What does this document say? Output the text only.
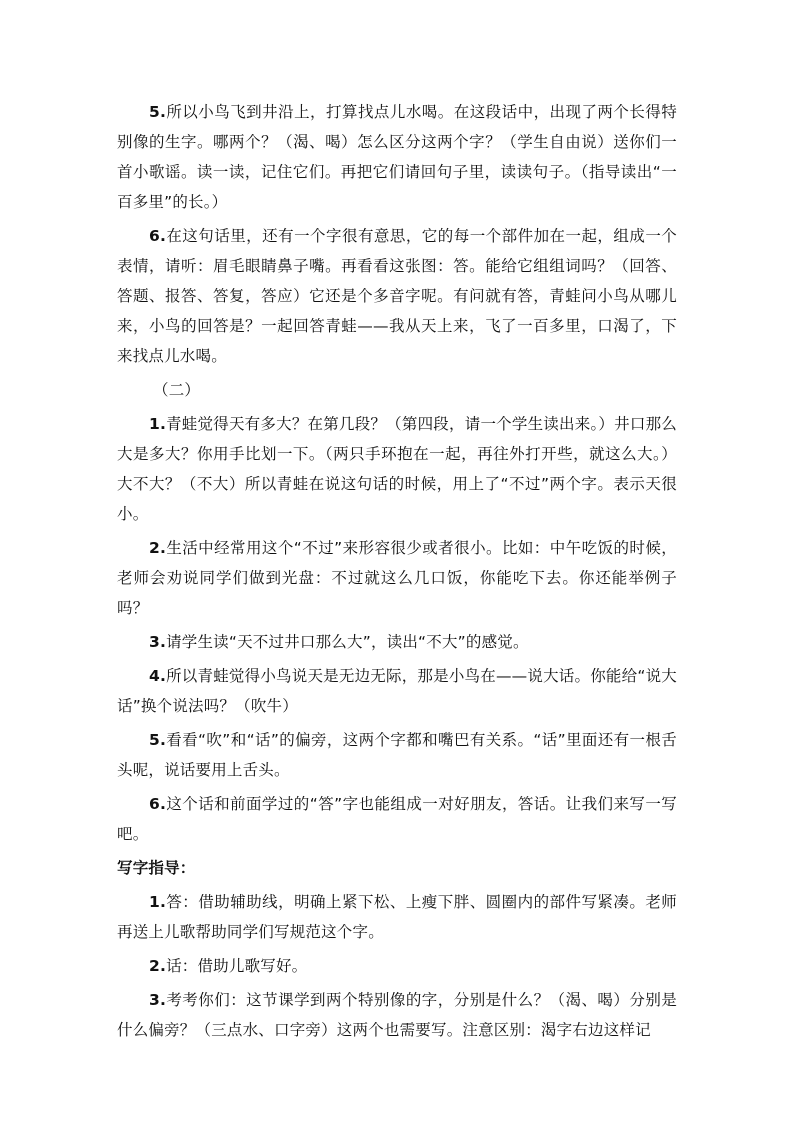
5.所以小鸟飞到井沿上，打算找点儿水喝。在这段话中，出现了两个长得特别像的生字。哪两个？（渴、喝）怎么区分这两个字？（学生自由说）送你们一首小歌谣。读一读，记住它们。再把它们请回句子里，读读句子。（指导读出“一百多里”的长。）

6.在这句话里，还有一个字很有意思，它的每一个部件加在一起，组成一个表情，请听：眉毛眼睛鼻子嘴。再看看这张图：答。能给它组组词吗？（回答、答题、报答、答复，答应）它还是个多音字呢。有问就有答，青蛙问小鸟从哪儿来，小鸟的回答是？一起回答青蛙——我从天上来，飞了一百多里，口渴了，下来找点儿水喝。

（二）

1.青蛙觉得天有多大？在第几段？（第四段，请一个学生读出来。）井口那么大是多大？你用手比划一下。（两只手环抱在一起，再往外打开些，就这么大。）大不大？（不大）所以青蛙在说这句话的时候，用上了“不过”两个字。表示天很小。

2.生活中经常用这个“不过”来形容很少或者很小。比如：中午吃饭的时候，老师会劝说同学们做到光盘：不过就这么几口饭，你能吃下去。你还能举例子吗？

3.请学生读“天不过井口那么大”，读出“不大”的感觉。

4.所以青蛙觉得小鸟说天是无边无际，那是小鸟在——说大话。你能给“说大话”换个说法吗？（吹牛）

5.看看“吹”和“话”的偏旁，这两个字都和嘴巴有关系。“话”里面还有一根舌头呢，说话要用上舌头。

6.这个话和前面学过的“答”字也能组成一对好朋友，答话。让我们来写一写吧。

写字指导：

1.答：借助辅助线，明确上紧下松、上瘦下胖、圆圈内的部件写紧凑。老师再送上儿歌帮助同学们写规范这个字。

2.话：借助儿歌写好。

3.考考你们：这节课学到两个特别像的字，分别是什么？（渴、喝）分别是什么偏旁？（三点水、口字旁）这两个也需要写。注意区别：渴字右边这样记
